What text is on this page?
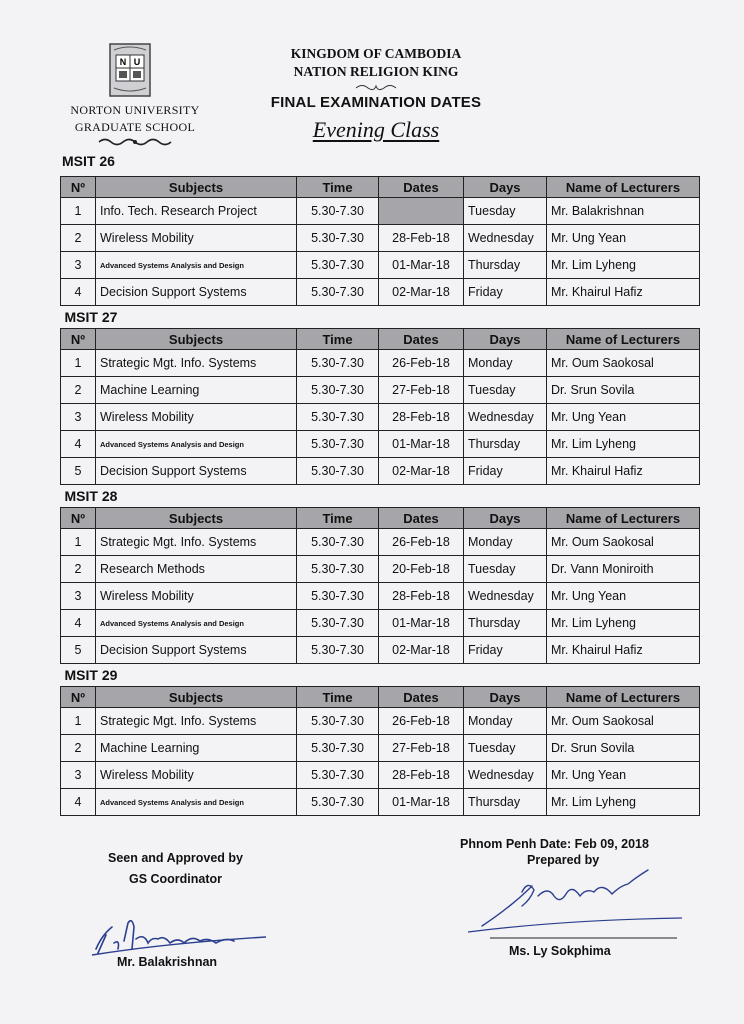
N U
NORTON UNIVERSITY
GRADUATE SCHOOL
KINGDOM OF CAMBODIA
NATION RELIGION KING
FINAL EXAMINATION DATES
Evening Class
MSIT 26
Nº	Subjects	Time	Dates	Days	Name of Lecturers
1	Info. Tech. Research Project	5.30-7.30		Tuesday	Mr. Balakrishnan
2	Wireless Mobility	5.30-7.30	28-Feb-18	Wednesday	Mr. Ung Yean
3	Advanced Systems Analysis and Design	5.30-7.30	01-Mar-18	Thursday	Mr. Lim Lyheng
4	Decision Support Systems	5.30-7.30	02-Mar-18	Friday	Mr. Khairul Hafiz
MSIT 27					
Nº	Subjects	Time	Dates	Days	Name of Lecturers
1	Strategic Mgt. Info. Systems	5.30-7.30	26-Feb-18	Monday	Mr. Oum Saokosal
2	Machine Learning	5.30-7.30	27-Feb-18	Tuesday	Dr. Srun Sovila
3	Wireless Mobility	5.30-7.30	28-Feb-18	Wednesday	Mr. Ung Yean
4	Advanced Systems Analysis and Design	5.30-7.30	01-Mar-18	Thursday	Mr. Lim Lyheng
5	Decision Support Systems	5.30-7.30	02-Mar-18	Friday	Mr. Khairul Hafiz
MSIT 28					
Nº	Subjects	Time	Dates	Days	Name of Lecturers
1	Strategic Mgt. Info. Systems	5.30-7.30	26-Feb-18	Monday	Mr. Oum Saokosal
2	Research Methods	5.30-7.30	20-Feb-18	Tuesday	Dr. Vann Moniroith
3	Wireless Mobility	5.30-7.30	28-Feb-18	Wednesday	Mr. Ung Yean
4	Advanced Systems Analysis and Design	5.30-7.30	01-Mar-18	Thursday	Mr. Lim Lyheng
5	Decision Support Systems	5.30-7.30	02-Mar-18	Friday	Mr. Khairul Hafiz
MSIT 29					
Nº	Subjects	Time	Dates	Days	Name of Lecturers
1	Strategic Mgt. Info. Systems	5.30-7.30	26-Feb-18	Monday	Mr. Oum Saokosal
2	Machine Learning	5.30-7.30	27-Feb-18	Tuesday	Dr. Srun Sovila
3	Wireless Mobility	5.30-7.30	28-Feb-18	Wednesday	Mr. Ung Yean
4	Advanced Systems Analysis and Design	5.30-7.30	01-Mar-18	Thursday	Mr. Lim Lyheng
Seen and Approved by
GS Coordinator
Mr. Balakrishnan
Phnom Penh Date: Feb 09, 2018
Prepared by
Ms. Ly Sokphima
